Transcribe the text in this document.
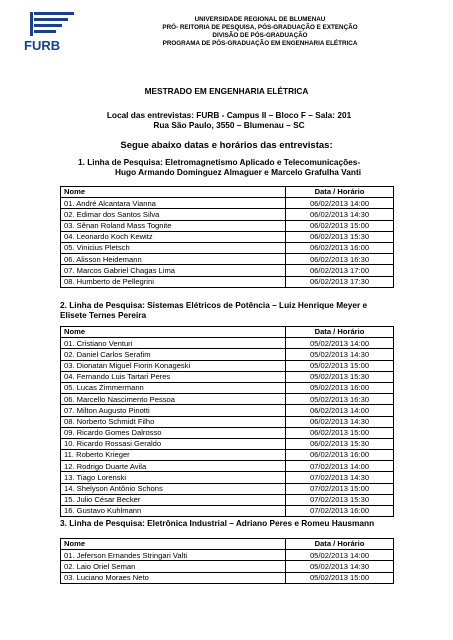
FURB
UNIVERSIDADE REGIONAL DE BLUMENAU
PRÓ- REITORIA DE PESQUISA, PÓS-GRADUAÇÃO E EXTENÇÃO
DIVISÃO DE PÓS-GRADUAÇÃO
PROGRAMA DE PÓS-GRADUAÇÃO EM ENGENHARIA ELÉTRICA
MESTRADO EM ENGENHARIA ELÉTRICA
Local das entrevistas: FURB - Campus II – Bloco F – Sala: 201
Rua São Paulo, 3550 – Blumenau – SC
Segue abaixo datas e horários das entrevistas:
1. Linha de Pesquisa: Eletromagnetismo Aplicado e Telecomunicações-
Hugo Armando Dominguez Almaguer e Marcelo Grafulha Vanti
Nome	Data / Horário
01. André Alcantara Vianna	06/02/2013 14:00
02. Edimar dos Santos Silva	06/02/2013 14:30
03. Sênan Roland Mass Tognite	06/02/2013 15:00
04. Leonardo Koch Kewitz	06/02/2013 15:30
05. Vinicius Pletsch	06/02/2013 16:00
06. Alisson Heidemann	06/02/2013 16:30
07. Marcos Gabriel Chagas Lima	06/02/2013 17:00
08. Humberto de Pellegrini	06/02/2013 17:30
2. Linha de Pesquisa: Sistemas Elétricos de Potência – Luiz Henrique Meyer e
Elisete Ternes Pereira
Nome	Data / Horário
01. Cristiano Venturi	05/02/2013 14:00
02. Daniel Carlos Serafim	05/02/2013 14:30
03. Dionatan Miguel Fiorin Konageski	05/02/2013 15:00
04. Fernando Luis Tartari Peres	05/02/2013 15:30
05. Lucas Zimmermann	05/02/2013 16:00
06. Marcello Nascimento Pessoa	05/02/2013 16:30
07. Milton Augusto Pinotti	06/02/2013 14:00
08. Norberto Schmidt Filho	06/02/2013 14:30
09. Ricardo Gomes Dalrosso	06/02/2013 15:00
10. Ricardo Rossasi Geraldo	06/02/2013 15:30
11. Roberto Krieger	06/02/2013 16:00
12. Rodrigo Duarte Avila	07/02/2013 14:00
13. Tiago Lorenski	07/02/2013 14:30
14. Shelyson Antônio Schons	07/02/2013 15:00
15. Julio César Becker	07/02/2013 15:30
16. Gustavo Kuhlmann	07/02/2013 16:00
3. Linha de Pesquisa: Eletrônica Industrial – Adriano Peres e Romeu Hausmann
Nome	Data / Horário
01. Jeferson Ernandes Stringari Valti	05/02/2013 14:00
02. Laio Oriel Seman	05/02/2013 14:30
03. Luciano Moraes Neto	05/02/2013 15:00
